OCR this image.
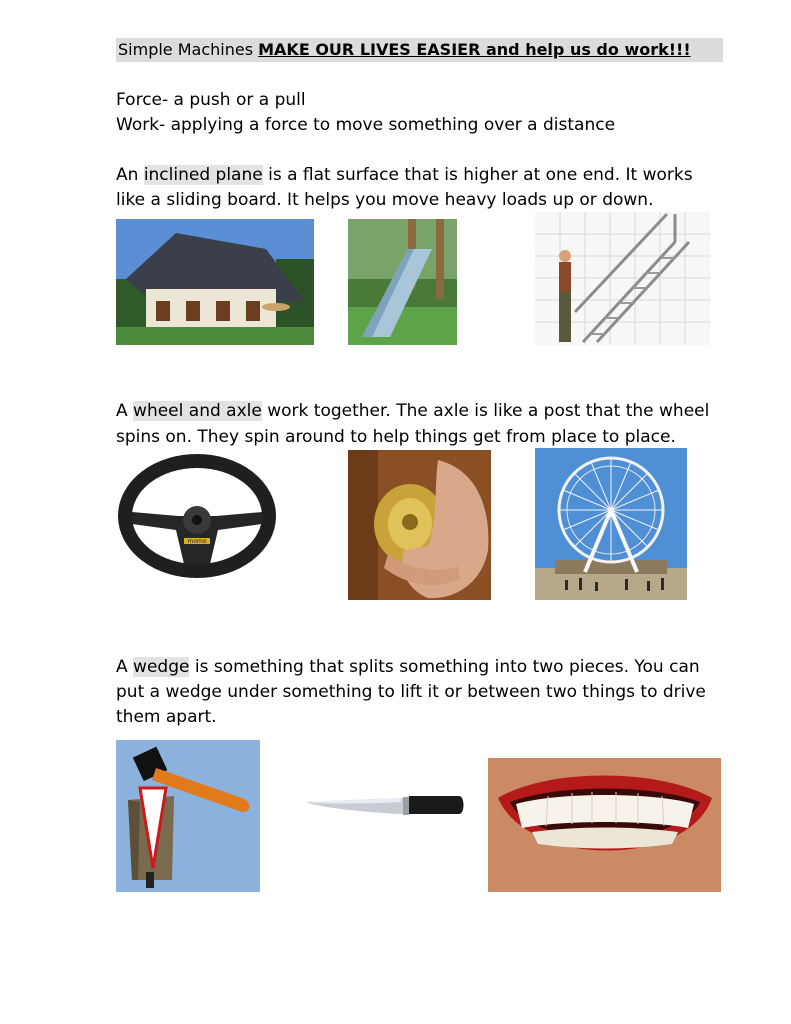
Simple Machines MAKE OUR LIVES EASIER and help us do work!!!
Force- a push or a pull
Work- applying a force to move something over a distance
An inclined plane is a flat surface that is higher at one end. It works
like a sliding board. It helps you move heavy loads up or down.
A wheel and axle work together. The axle is like a post that the wheel
spins on. They spin around to help things get from place to place.
momo
A wedge is something that splits something into two pieces. You can
put a wedge under something to lift it or between two things to drive
them apart.
